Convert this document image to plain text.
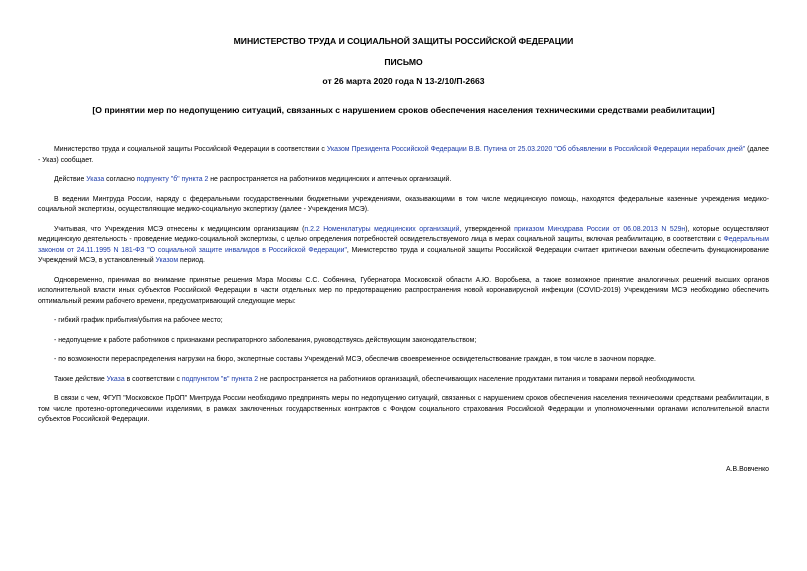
МИНИСТЕРСТВО ТРУДА И СОЦИАЛЬНОЙ ЗАЩИТЫ РОССИЙСКОЙ ФЕДЕРАЦИИ
ПИСЬМО
от 26 марта 2020 года N 13-2/10/П-2663
[О принятии мер по недопущению ситуаций, связанных с нарушением сроков обеспечения населения техническими средствами реабилитации]

Министерство труда и социальной защиты Российской Федерации в соответствии с Указом Президента Российской Федерации В.В. Путина от 25.03.2020 "Об объявлении в Российской Федерации нерабочих дней" (далее - Указ) сообщает.

Действие Указа согласно подпункту "б" пункта 2 не распространяется на работников медицинских и аптечных организаций.

В ведении Минтруда России, наряду с федеральными государственными бюджетными учреждениями, оказывающими в том числе медицинскую помощь, находятся федеральные казенные учреждения медико-социальной экспертизы, осуществляющие медико-социальную экспертизу (далее - Учреждения МСЭ).

Учитывая, что Учреждения МСЭ отнесены к медицинским организациям (п.2.2 Номенклатуры медицинских организаций, утвержденной приказом Минздрава России от 06.08.2013 N 529н), которые осуществляют медицинскую деятельность - проведение медико-социальной экспертизы, с целью определения потребностей освидетельствуемого лица в мерах социальной защиты, включая реабилитацию, в соответствии с Федеральным законом от 24.11.1995 N 181-ФЗ "О социальной защите инвалидов в Российской Федерации", Министерство труда и социальной защиты Российской Федерации считает критически важным обеспечить функционирование Учреждений МСЭ, в установленный Указом период.

Одновременно, принимая во внимание принятые решения Мэра Москвы С.С. Собянина, Губернатора Московской области А.Ю. Воробьева, а также возможное принятие аналогичных решений высших органов исполнительной власти иных субъектов Российской Федерации в части отдельных мер по предотвращению распространения новой коронавирусной инфекции (COVID-2019) Учреждениям МСЭ необходимо обеспечить оптимальный режим рабочего времени, предусматривающий следующие меры:

- гибкий график прибытия/убытия на рабочее место;

- недопущение к работе работников с признаками респираторного заболевания, руководствуясь действующим законодательством;

- по возможности перераспределения нагрузки на бюро, экспертные составы Учреждений МСЭ, обеспечив своевременное освидетельствование граждан, в том числе в заочном порядке.

Также действие Указа в соответствии с подпунктом "в" пункта 2 не распространяется на работников организаций, обеспечивающих население продуктами питания и товарами первой необходимости.

В связи с чем, ФГУП "Московское ПрОП" Минтруда России необходимо предпринять меры по недопущению ситуаций, связанных с нарушением сроков обеспечения населения техническими средствами реабилитации, в том числе протезно-ортопедическими изделиями, в рамках заключенных государственных контрактов с Фондом социального страхования Российской Федерации и уполномоченными органами исполнительной власти субъектов Российской Федерации.

А.В.Вовченко
